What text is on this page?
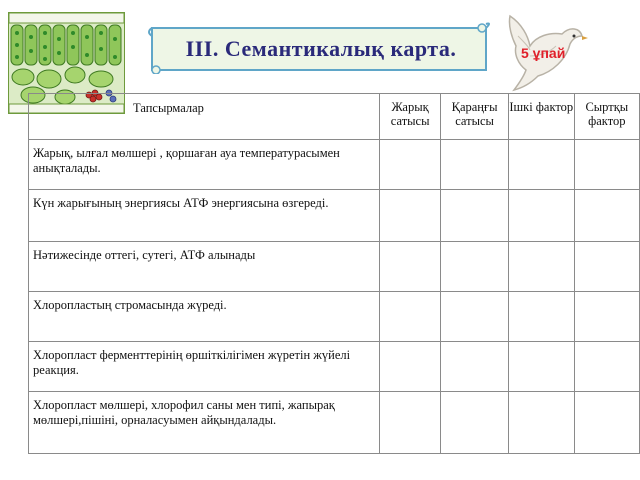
ІІІ. Семантикалық карта.	5 ұпай
Тапсырмалар	Жарық сатысы	Қараңғы сатысы	Ішкі фактор	Сыртқы фактор
Жарық, ылғал мөлшері , қоршаған ауа температурасымен анықталады.				
Күн жарығының энергиясы АТФ энергиясына өзгереді.				
Нәтижесінде оттегі, сутегі, АТФ алынады				
Хлоропластың стромасында жүреді.				
Хлоропласт ферменттерінің өршіткілігімен жүретін жүйелі реакция.				
Хлоропласт мөлшері, хлорофил саны мен типі, жапырақ мөлшері,пішіні, орналасуымен айқындалады.				
